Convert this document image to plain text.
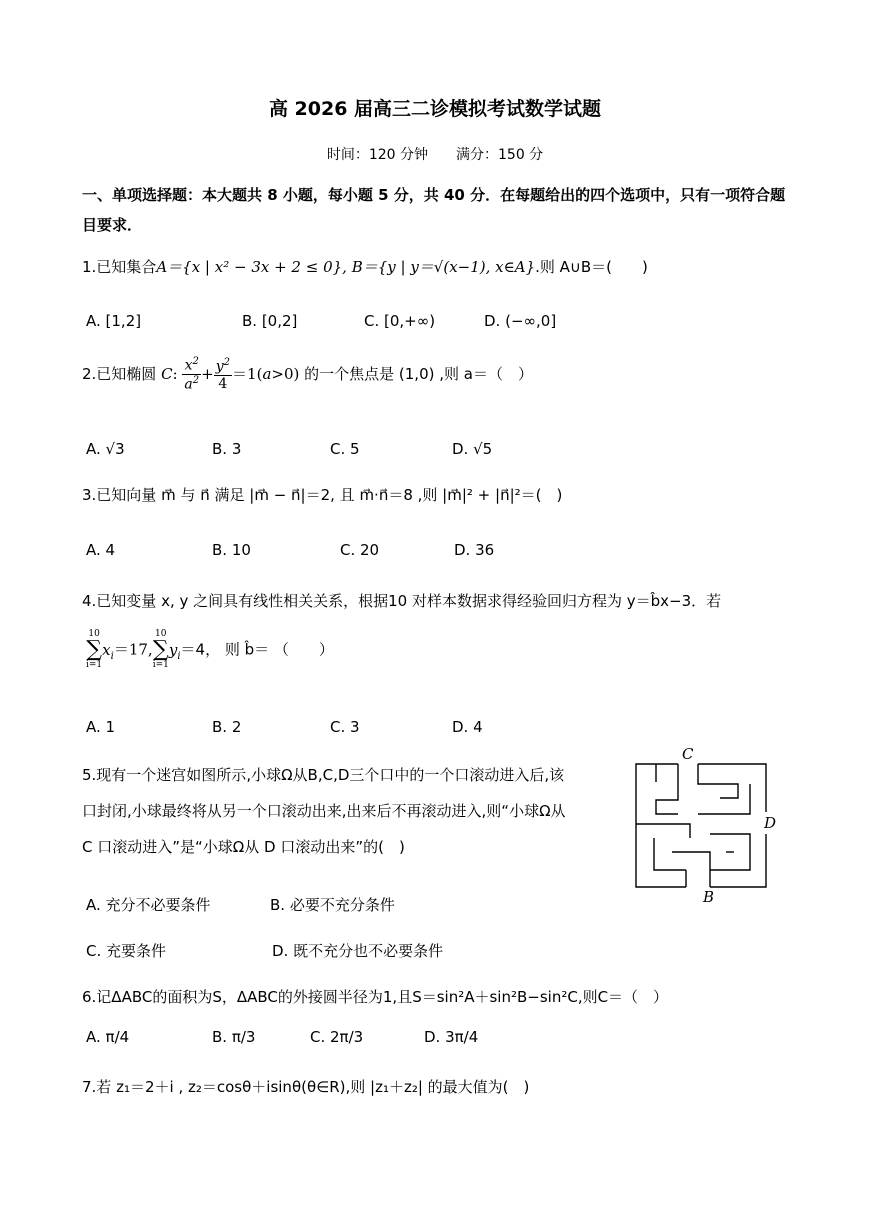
高 2026 届高三二诊模拟考试数学试题
时间：120 分钟　　满分：150 分
一、单项选择题：本大题共 8 小题，每小题 5 分，共 40 分．在每题给出的四个选项中，只有一项符合题目要求．
1.已知集合A＝{x | x² − 3x + 2 ≤ 0}, B＝{y | y＝√(x−1), x∈A}.则 A∪B＝(　　)
A. [1,2]	B. [0,2]	C. [0,+∞)	D. (−∞,0]
2.已知椭圆 C: $\frac{x^2}{a^2} + \frac{y^2}{4} =1(a>0)$ 的一个焦点是 (1,0) ,则 a＝（　）
A. √3	B. 3	C. 5	D. √5
3.已知向量 m⃗ 与 n⃗ 满足 |m⃗ − n⃗|＝2, 且 m⃗·n⃗＝8 ,则 |m⃗|² + |n⃗|²＝(　)
A. 4	B. 10	C. 20	D. 36
4.已知变量 x, y 之间具有线性相关关系，根据10 对样本数据求得经验回归方程为 y＝b̂x−3．若
10
∑
i=1
$x_i=17$,
10
∑
i=1
$y_i=4$， 则 b̂＝ （　　）
A. 1	B. 2	C. 3	D. 4
5.现有一个迷宫如图所示,小球Ω从B,C,D三个口中的一个口滚动进入后,该
口封闭,小球最终将从另一个口滚动出来,出来后不再滚动进入,则“小球Ω从
C 口滚动进入”是“小球Ω从 D 口滚动出来”的(　)
A. 充分不必要条件	B. 必要不充分条件
C. 充要条件	D. 既不充分也不必要条件
C
D
B
6.记ΔABC的面积为S，ΔABC的外接圆半径为1,且S＝sin²A＋sin²B−sin²C,则C＝（　）
A. π/4	B. π/3	C. 2π/3	D. 3π/4
7.若 z₁＝2＋i , z₂＝cosθ＋isinθ(θ∈R),则 |z₁＋z₂| 的最大值为(　)
